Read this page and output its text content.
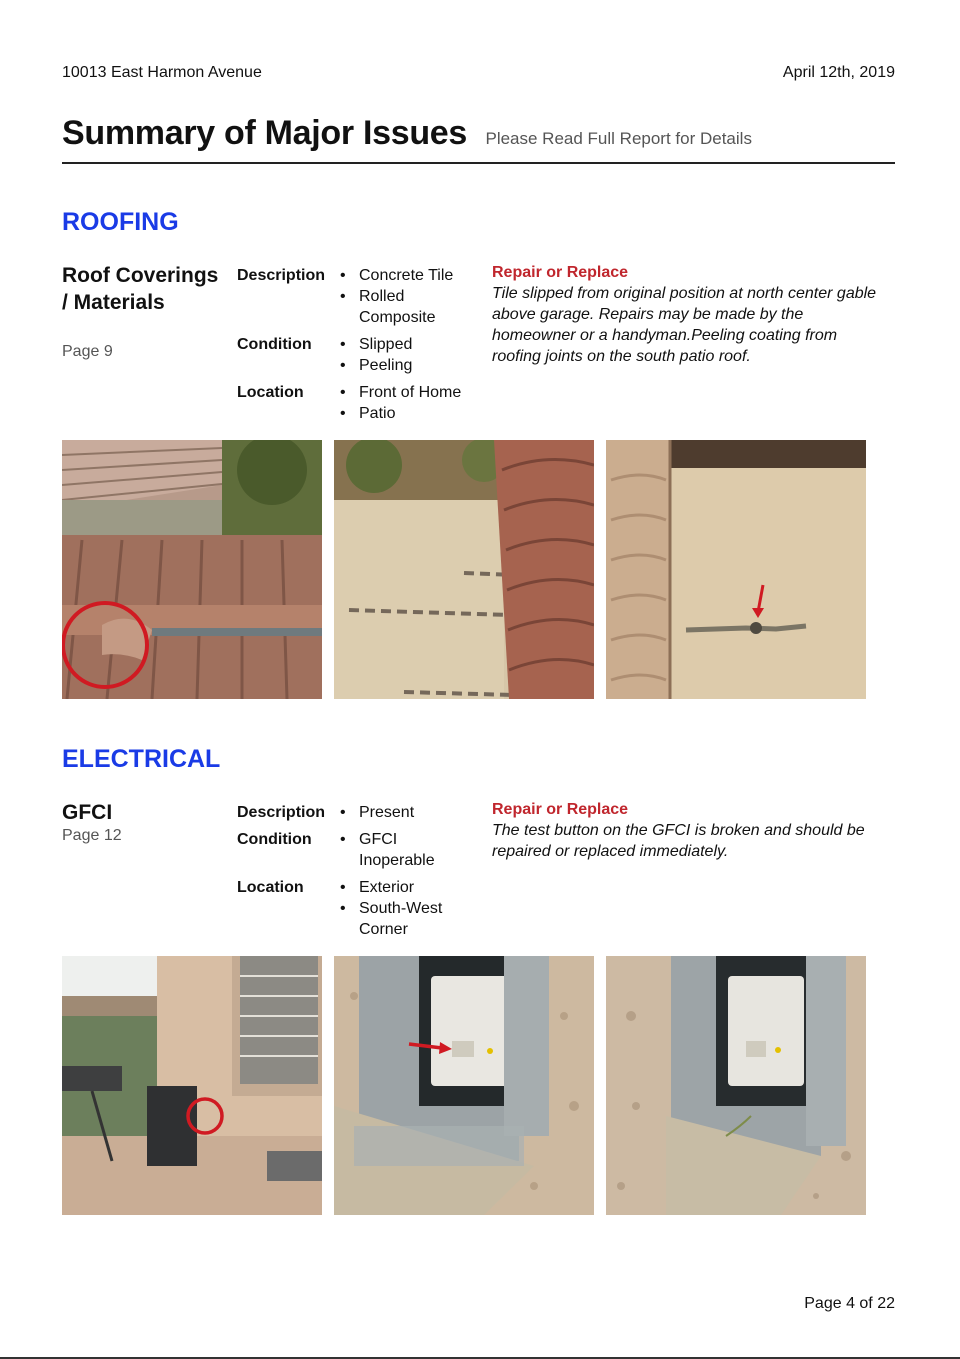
10013 East Harmon Avenue	April 12th, 2019
Summary of Major Issues Please Read Full Report for Details
ROOFING
Roof Coverings / Materials
Page 9
Description	• Concrete Tile
• Rolled Composite
Condition	• Slipped
• Peeling
Location	• Front of Home
• Patio
Repair or Replace
Tile slipped from original position at north center gable above garage. Repairs may be made by the homeowner or a handyman.Peeling coating from roofing joints on the south patio roof.
ELECTRICAL
GFCI
Page 12
Description	• Present
Condition	• GFCI Inoperable
Location	• Exterior
• South-West Corner
Repair or Replace
The test button on the GFCI is broken and should be repaired or replaced immediately.
Page 4 of 22
